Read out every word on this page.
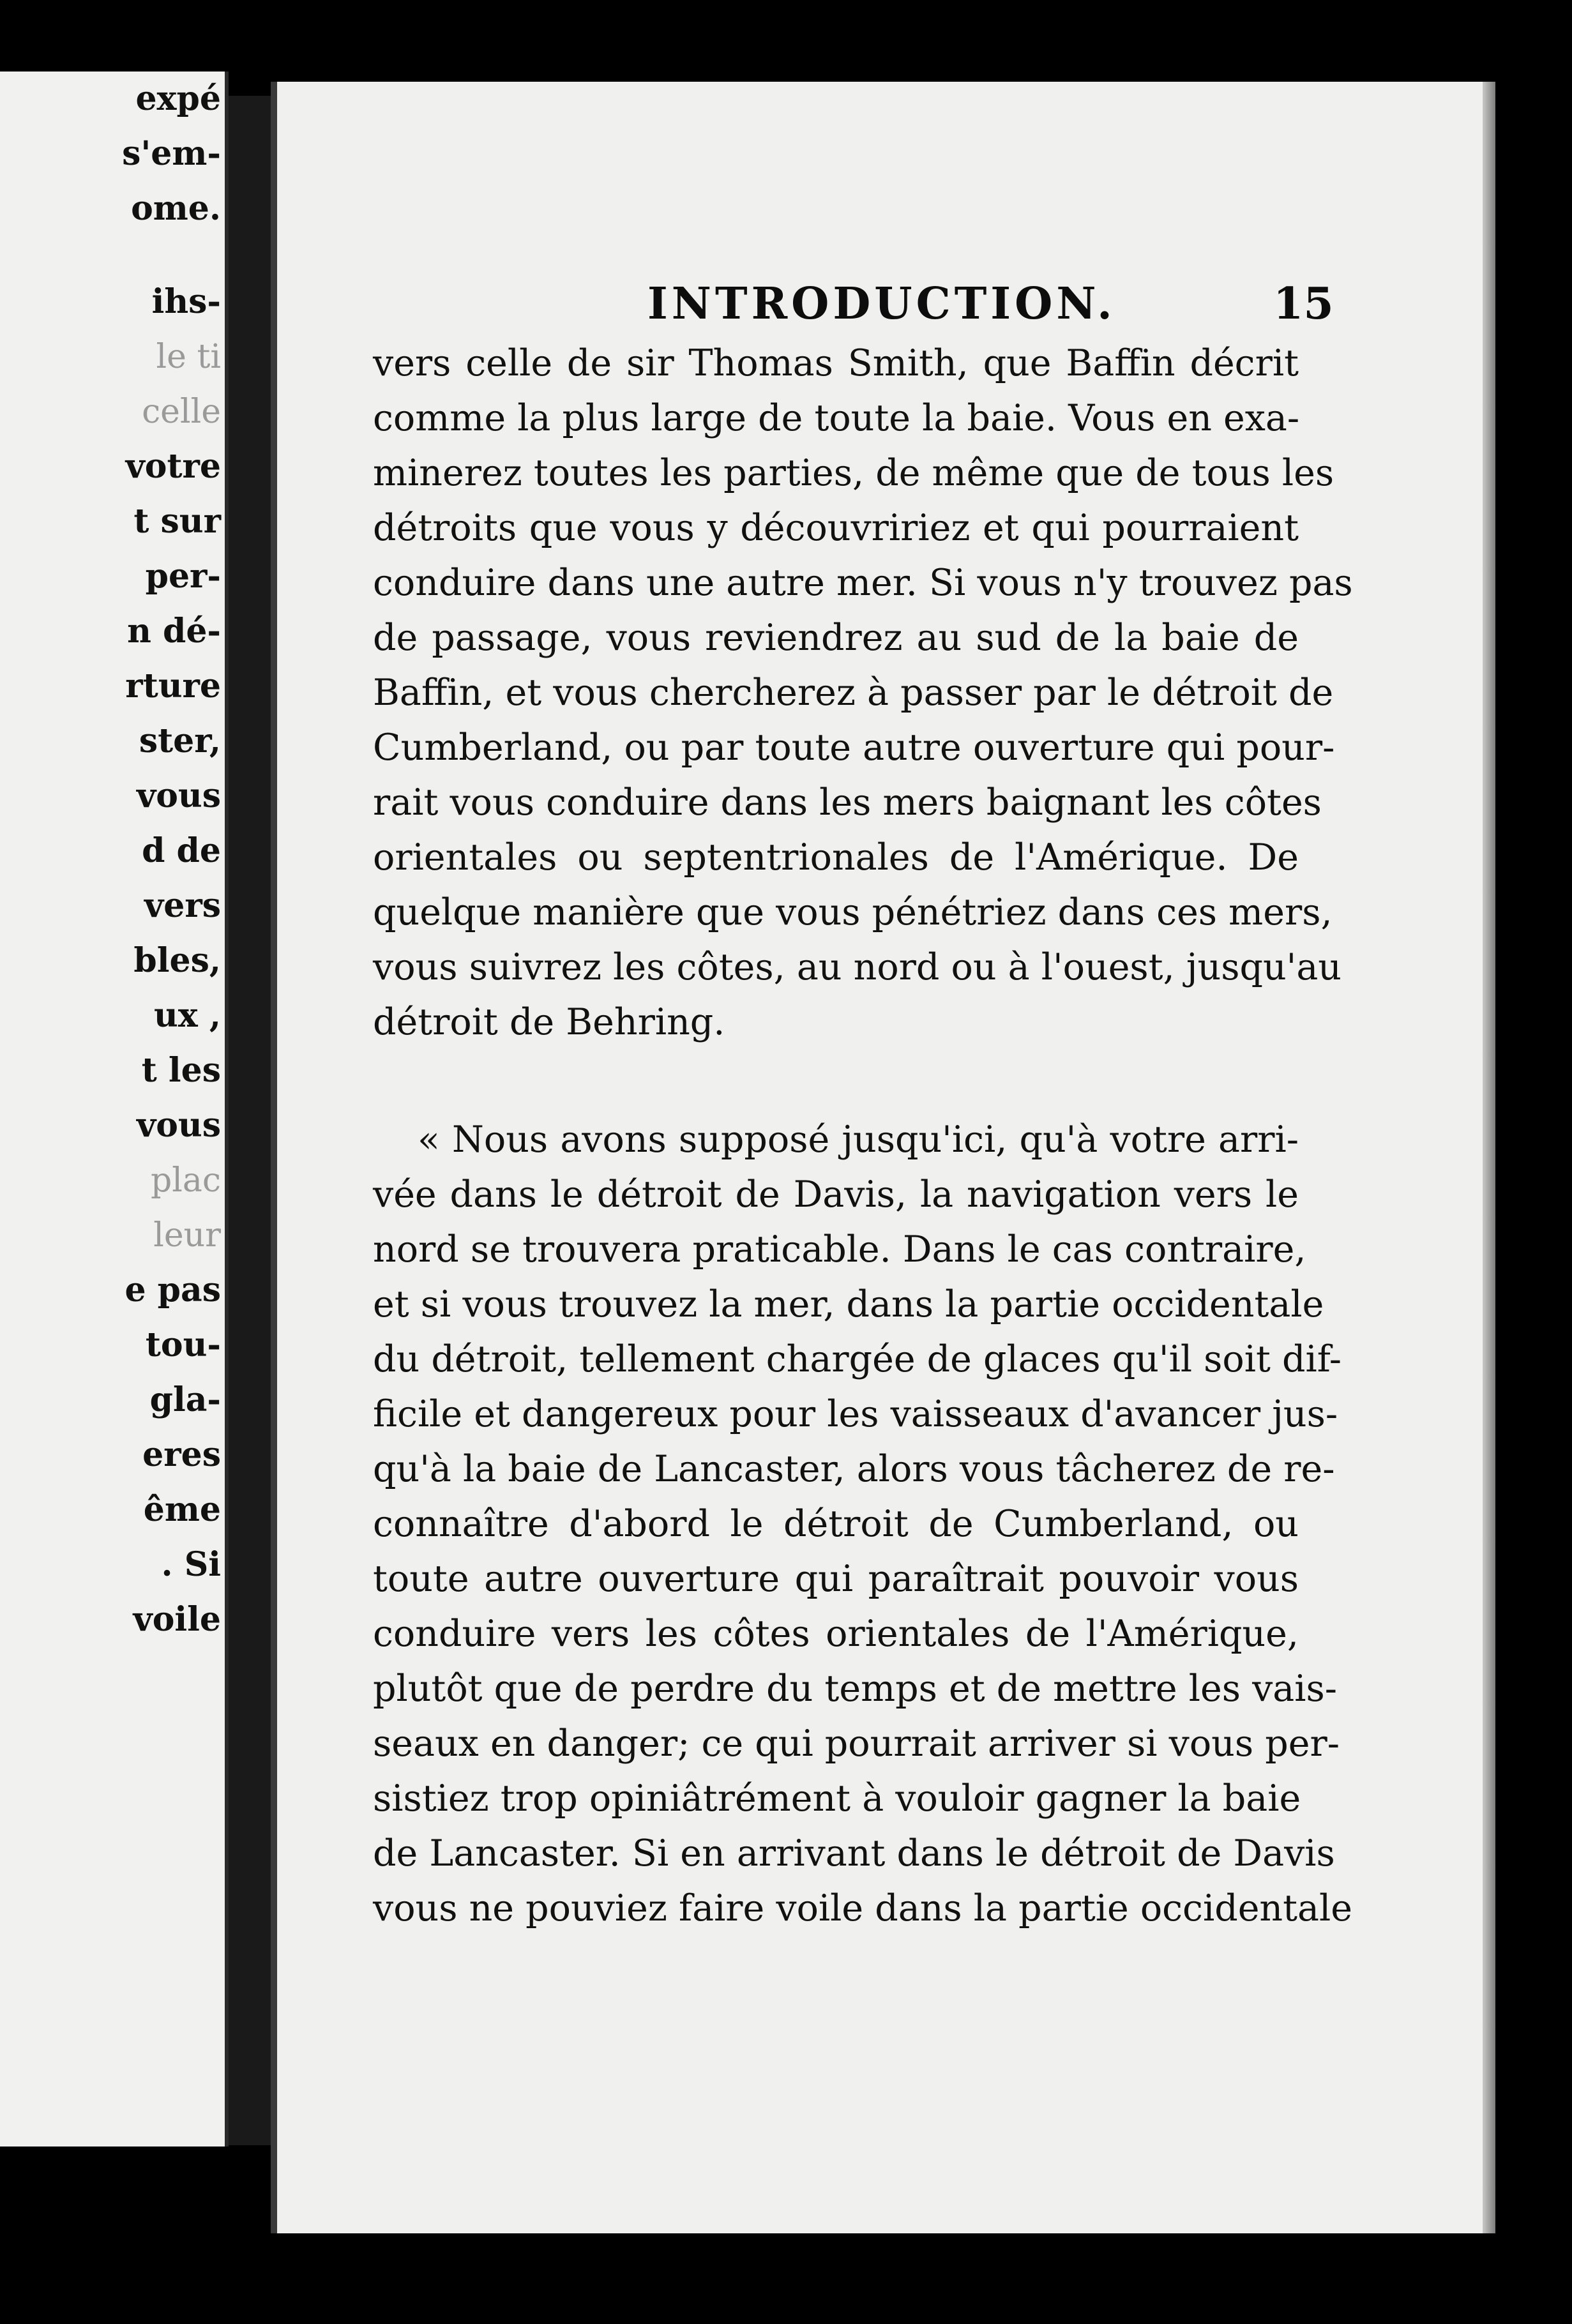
expé
s'em-
ome.
ihs-
le ti
celle
votre
t sur
per-
n dé-
rture
ster,
vous
d de
vers
bles,
ux ,
t les
vous
plac
leur
e pas
tou-
gla-
eres
ême
. Si
voile
INTRODUCTION.	15
vers celle de sir Thomas Smith, que Baffin décrit
comme la plus large de toute la baie. Vous en exa-
minerez toutes les parties, de même que de tous les
détroits que vous y découvririez et qui pourraient
conduire dans une autre mer. Si vous n'y trouvez pas
de passage, vous reviendrez au sud de la baie de
Baffin, et vous chercherez à passer par le détroit de
Cumberland, ou par toute autre ouverture qui pour-
rait vous conduire dans les mers baignant les côtes
orientales ou septentrionales de l'Amérique. De
quelque manière que vous pénétriez dans ces mers,
vous suivrez les côtes, au nord ou à l'ouest, jusqu'au
détroit de Behring.
« Nous avons supposé jusqu'ici, qu'à votre arri-
vée dans le détroit de Davis, la navigation vers le
nord se trouvera praticable. Dans le cas contraire,
et si vous trouvez la mer, dans la partie occidentale
du détroit, tellement chargée de glaces qu'il soit dif-
ficile et dangereux pour les vaisseaux d'avancer jus-
qu'à la baie de Lancaster, alors vous tâcherez de re-
connaître d'abord le détroit de Cumberland, ou
toute autre ouverture qui paraîtrait pouvoir vous
conduire vers les côtes orientales de l'Amérique,
plutôt que de perdre du temps et de mettre les vais-
seaux en danger; ce qui pourrait arriver si vous per-
sistiez trop opiniâtrément à vouloir gagner la baie
de Lancaster. Si en arrivant dans le détroit de Davis
vous ne pouviez faire voile dans la partie occidentale
